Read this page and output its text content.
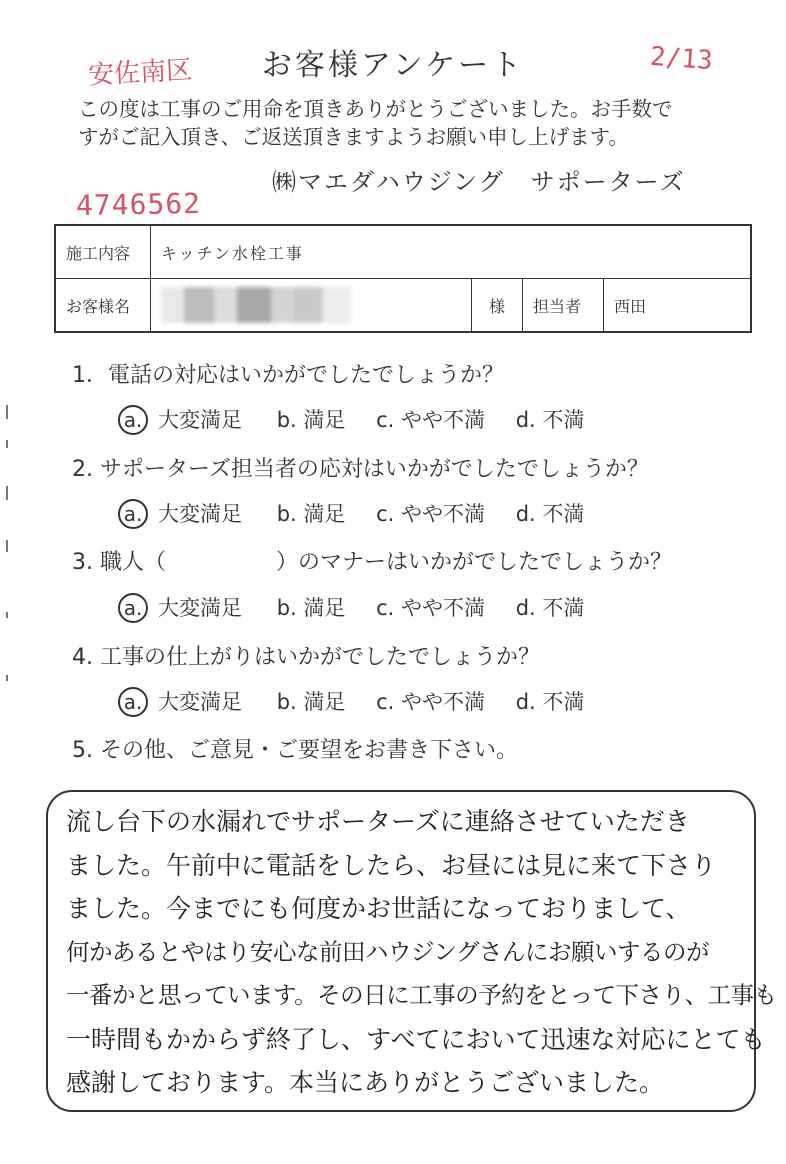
お客様アンケート
安佐南区	2/13
この度は工事のご用命を頂きありがとうございました。お手数で
すがご記入頂き、ご返送頂きますようお願い申し上げます。
㈱マエダハウジング　サポーターズ
4746562
施工内容	キッチン水栓工事			
お客様名		様	担当者	西田
1．電話の対応はいかがでしたでしょうか？
a. 大変満足 b. 満足 c. やや不満 d. 不満
2. サポーターズ担当者の応対はいかがでしたでしょうか？
a. 大変満足 b. 満足 c. やや不満 d. 不満
3. 職人（　　　　　）のマナーはいかがでしたでしょうか？
a. 大変満足 b. 満足 c. やや不満 d. 不満
4. 工事の仕上がりはいかがでしたでしょうか？
a. 大変満足 b. 満足 c. やや不満 d. 不満
5. その他、ご意見・ご要望をお書き下さい。
流し台下の水漏れでサポーターズに連絡させていただき
ました。午前中に電話をしたら、お昼には見に来て下さり
ました。今までにも何度かお世話になっておりまして、
何かあるとやはり安心な前田ハウジングさんにお願いするのが
一番かと思っています。その日に工事の予約をとって下さり、工事も
一時間もかからず終了し、すべてにおいて迅速な対応にとても
感謝しております。本当にありがとうございました。
